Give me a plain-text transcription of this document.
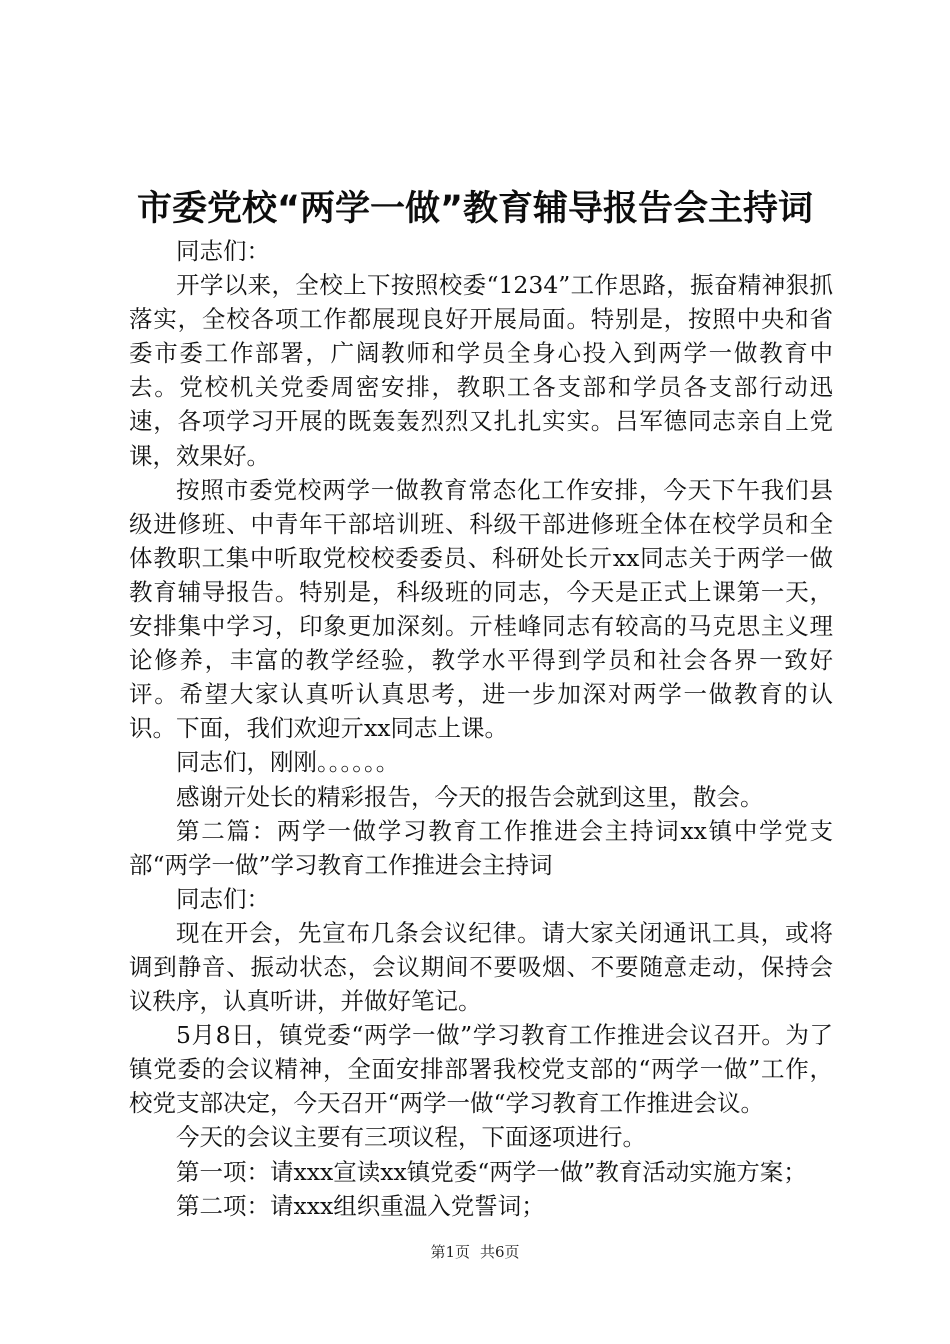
市委党校“两学一做”教育辅导报告会主持词

同志们：

开学以来，全校上下按照校委“1234”工作思路，振奋精神狠抓落实，全校各项工作都展现良好开展局面。特别是，按照中央和省委市委工作部署，广阔教师和学员全身心投入到两学一做教育中去。党校机关党委周密安排，教职工各支部和学员各支部行动迅速，各项学习开展的既轰轰烈烈又扎扎实实。吕军德同志亲自上党课，效果好。

按照市委党校两学一做教育常态化工作安排，今天下午我们县级进修班、中青年干部培训班、科级干部进修班全体在校学员和全体教职工集中听取党校校委委员、科研处长亓xx同志关于两学一做教育辅导报告。特别是，科级班的同志，今天是正式上课第一天，安排集中学习，印象更加深刻。亓桂峰同志有较高的马克思主义理论修养，丰富的教学经验，教学水平得到学员和社会各界一致好评。希望大家认真听认真思考，进一步加深对两学一做教育的认识。下面，我们欢迎亓xx同志上课。

同志们，刚刚。。。。。。

感谢亓处长的精彩报告，今天的报告会就到这里，散会。

第二篇：两学一做学习教育工作推进会主持词xx镇中学党支部“两学一做”学习教育工作推进会主持词

同志们：

现在开会，先宣布几条会议纪律。请大家关闭通讯工具，或将  调到静音、振动状态，会议期间不要吸烟、不要随意走动，保持会议秩序，认真听讲，并做好笔记。

5月8日，镇党委“两学一做”学习教育工作推进会议召开。为了镇党委的会议精神，全面安排部署我校党支部的“两学一做”工作，校党支部决定，今天召开“两学一做“学习教育工作推进会议。

今天的会议主要有三项议程，下面逐项进行。

第一项：请xxx宣读xx镇党委“两学一做”教育活动实施方案；

第二项：请xxx组织重温入党誓词；

第1页 共6页
